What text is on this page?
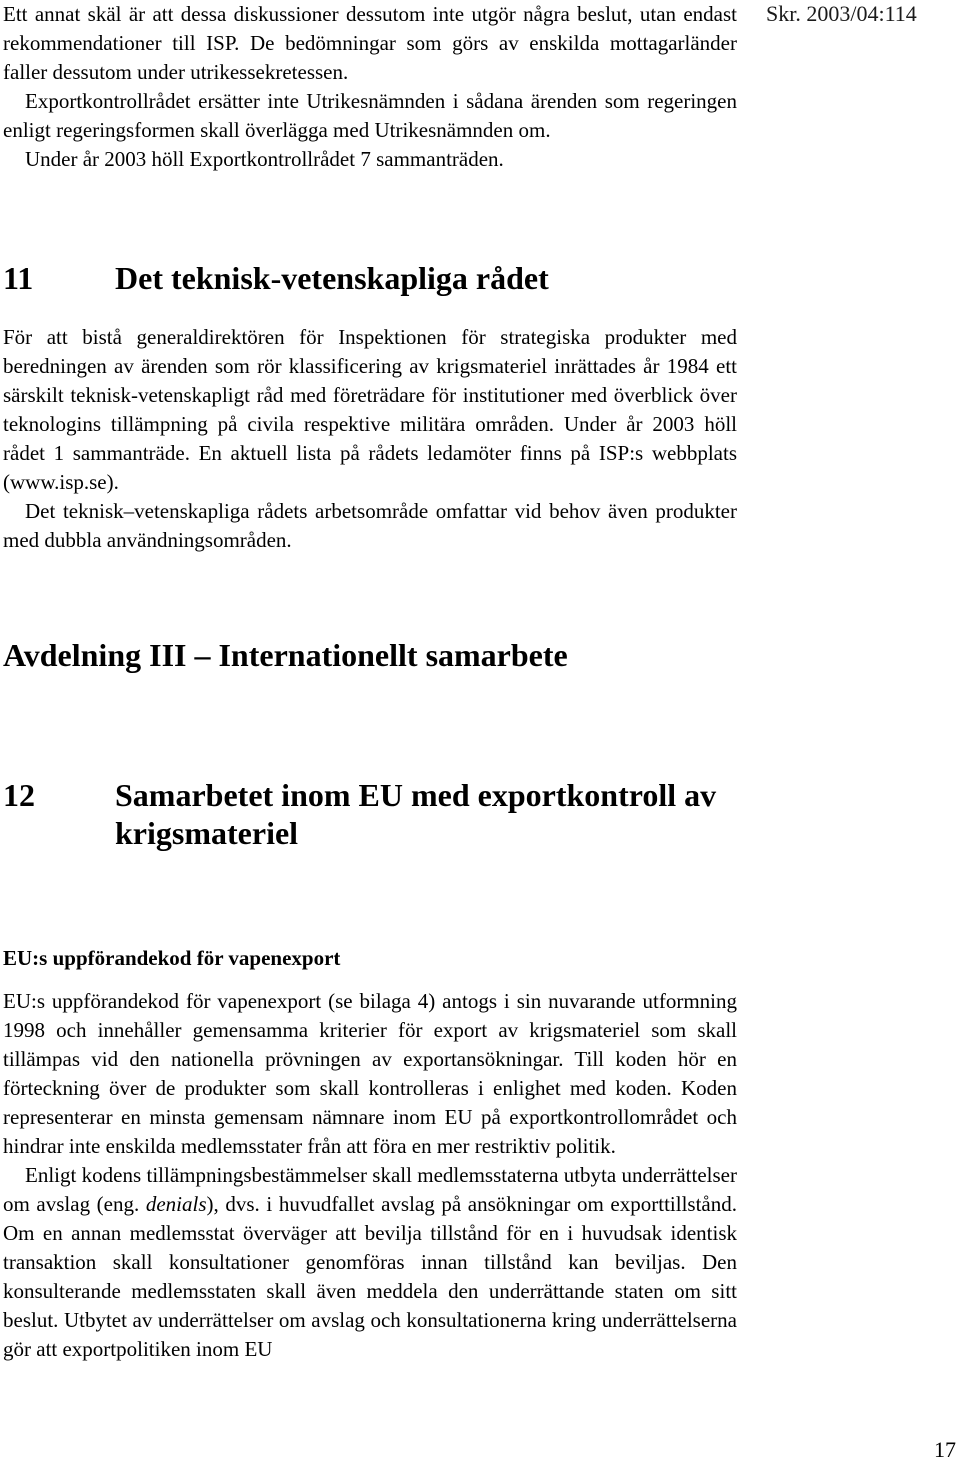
Skr. 2003/04:114

Ett annat skäl är att dessa diskussioner dessutom inte utgör några beslut, utan endast rekommendationer till ISP. De bedömningar som görs av enskilda mottagarländer faller dessutom under utrikessekretessen.

Exportkontrollrådet ersätter inte Utrikesnämnden i sådana ärenden som regeringen enligt regeringsformen skall överlägga med Utrikesnämnden om.

Under år 2003 höll Exportkontrollrådet 7 sammanträden.

11	Det teknisk-vetenskapliga rådet

För att bistå generaldirektören för Inspektionen för strategiska produkter med beredningen av ärenden som rör klassificering av krigsmateriel inrättades år 1984 ett särskilt teknisk-vetenskapligt råd med företrädare för institutioner med överblick över teknologins tillämpning på civila respektive militära områden. Under år 2003 höll rådet 1 sammanträde. En aktuell lista på rådets ledamöter finns på ISP:s webbplats (www.isp.se).

Det teknisk–vetenskapliga rådets arbetsområde omfattar vid behov även produkter med dubbla användningsområden.

Avdelning III – Internationellt samarbete
12	Samarbetet inom EU med exportkontroll av krigsmateriel
EU:s uppförandekod för vapenexport

EU:s uppförandekod för vapenexport (se bilaga 4) antogs i sin nuvarande utformning 1998 och innehåller gemensamma kriterier för export av krigsmateriel som skall tillämpas vid den nationella prövningen av exportansökningar. Till koden hör en förteckning över de produkter som skall kontrolleras i enlighet med koden. Koden representerar en minsta gemensam nämnare inom EU på exportkontrollområdet och hindrar inte enskilda medlemsstater från att föra en mer restriktiv politik.

Enligt kodens tillämpningsbestämmelser skall medlemsstaterna utbyta underrättelser om avslag (eng. denials), dvs. i huvudfallet avslag på ansökningar om exporttillstånd. Om en annan medlemsstat överväger att bevilja tillstånd för en i huvudsak identisk transaktion skall konsultationer genomföras innan tillstånd kan beviljas. Den konsulterande medlemsstaten skall även meddela den underrättande staten om sitt beslut. Utbytet av underrättelser om avslag och konsultationerna kring underrättelserna gör att exportpolitiken inom EU

17
